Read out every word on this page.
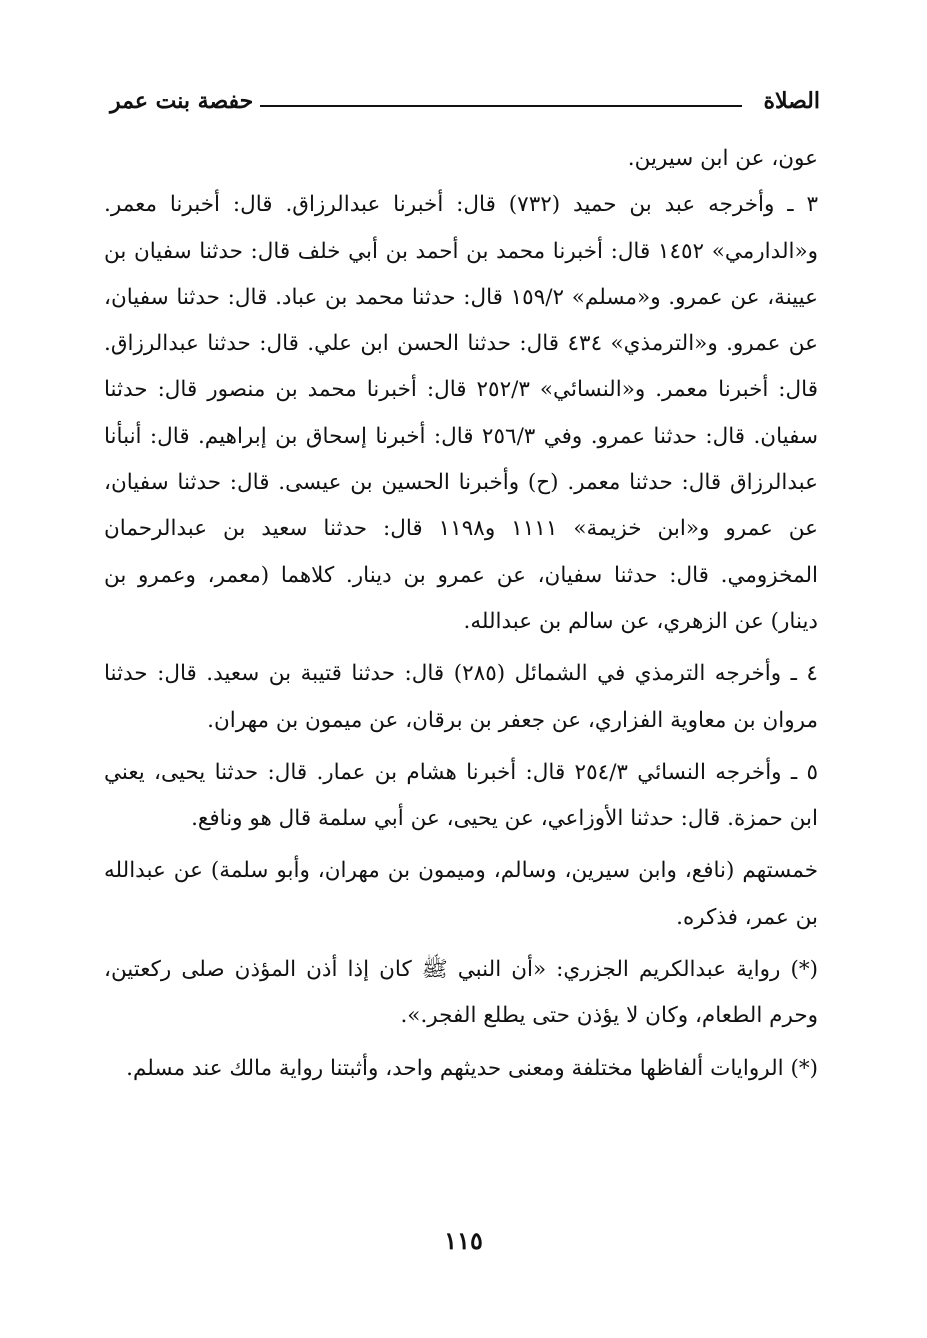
الصلاة
حفصة بنت عمر

عون، عن ابن سيرين.

٣ ـ وأخرجه عبد بن حميد (٧٣٢) قال: أخبرنا عبدالرزاق. قال: أخبرنا معمر. و«الدارمي» ١٤٥٢ قال: أخبرنا محمد بن أحمد بن أبي خلف قال: حدثنا سفيان بن عيينة، عن عمرو. و«مسلم» ١٥٩/٢ قال: حدثنا محمد بن عباد. قال: حدثنا سفيان، عن عمرو. و«الترمذي» ٤٣٤ قال: حدثنا الحسن ابن علي. قال: حدثنا عبدالرزاق. قال: أخبرنا معمر. و«النسائي» ٢٥٢/٣ قال: أخبرنا محمد بن منصور قال: حدثنا سفيان. قال: حدثنا عمرو. وفي ٢٥٦/٣ قال: أخبرنا إسحاق بن إبراهيم. قال: أنبأنا عبدالرزاق قال: حدثنا معمر. (ح) وأخبرنا الحسين بن عيسى. قال: حدثنا سفيان، عن عمرو و«ابن خزيمة» ١١١١ و١١٩٨ قال: حدثنا سعيد بن عبدالرحمان المخزومي. قال: حدثنا سفيان، عن عمرو بن دينار. كلاهما (معمر، وعمرو بن دينار) عن الزهري، عن سالم بن عبدالله.

٤ ـ وأخرجه الترمذي في الشمائل (٢٨٥) قال: حدثنا قتيبة بن سعيد. قال: حدثنا مروان بن معاوية الفزاري، عن جعفر بن برقان، عن ميمون بن مهران.

٥ ـ وأخرجه النسائي ٢٥٤/٣ قال: أخبرنا هشام بن عمار. قال: حدثنا يحيى، يعني ابن حمزة. قال: حدثنا الأوزاعي، عن يحيى، عن أبي سلمة قال هو ونافع.

خمستهم (نافع، وابن سيرين، وسالم، وميمون بن مهران، وأبو سلمة) عن عبدالله بن عمر، فذكره.

(*) رواية عبدالكريم الجزري: «أن النبي ﷺ كان إذا أذن المؤذن صلى ركعتين، وحرم الطعام، وكان لا يؤذن حتى يطلع الفجر.».

(*) الروايات ألفاظها مختلفة ومعنى حديثهم واحد، وأثبتنا رواية مالك عند مسلم.

١١٥
